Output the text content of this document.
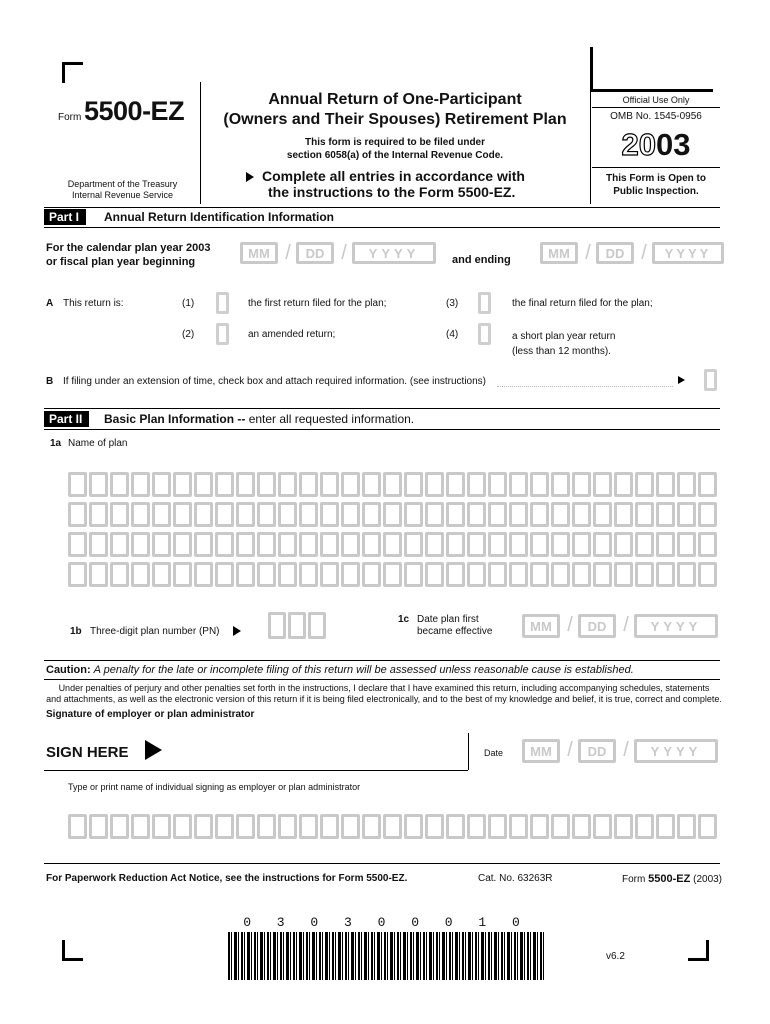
Form 5500-EZ
Department of the Treasury
Internal Revenue Service
Annual Return of One-Participant
(Owners and Their Spouses) Retirement Plan
This form is required to be filed under
section 6058(a) of the Internal Revenue Code.
Complete all entries in accordance with
the instructions to the Form 5500-EZ.
Official Use Only
OMB No. 1545-0956
2003
This Form is Open to
Public Inspection.
Part I	Annual Return Identification Information
For the calendar plan year 2003
or fiscal plan year beginning
MM /	DD /	YYYY	and ending	MM /	DD /	YYYY
A This return is:	(1)	the first return filed for the plan;	(3)	the final return filed for the plan;
(2)	an amended return;	(4)	a short plan year return
(less than 12 months).
B If filing under an extension of time, check box and attach required information. (see instructions)
Part II	Basic Plan Information -- enter all requested information.
1a Name of plan
1b Three-digit plan number (PN)
1c Date plan first
became effective	MM /	DD /	YYYY
Caution: A penalty for the late or incomplete filing of this return will be assessed unless reasonable cause is established.
Under penalties of perjury and other penalties set forth in the instructions, I declare that I have examined this return, including accompanying schedules, statements
and attachments, as well as the electronic version of this return if it is being filed electronically, and to the best of my knowledge and belief, it is true, correct and complete.
Signature of employer or plan administrator
SIGN HERE	Date	MM /	DD /	YYYY
Type or print name of individual signing as employer or plan administrator
For Paperwork Reduction Act Notice, see the instructions for Form 5500-EZ.	Cat. No. 63263R	Form 5500-EZ (2003)
0 3 0 3 0 0 0 1 0
v6.2
